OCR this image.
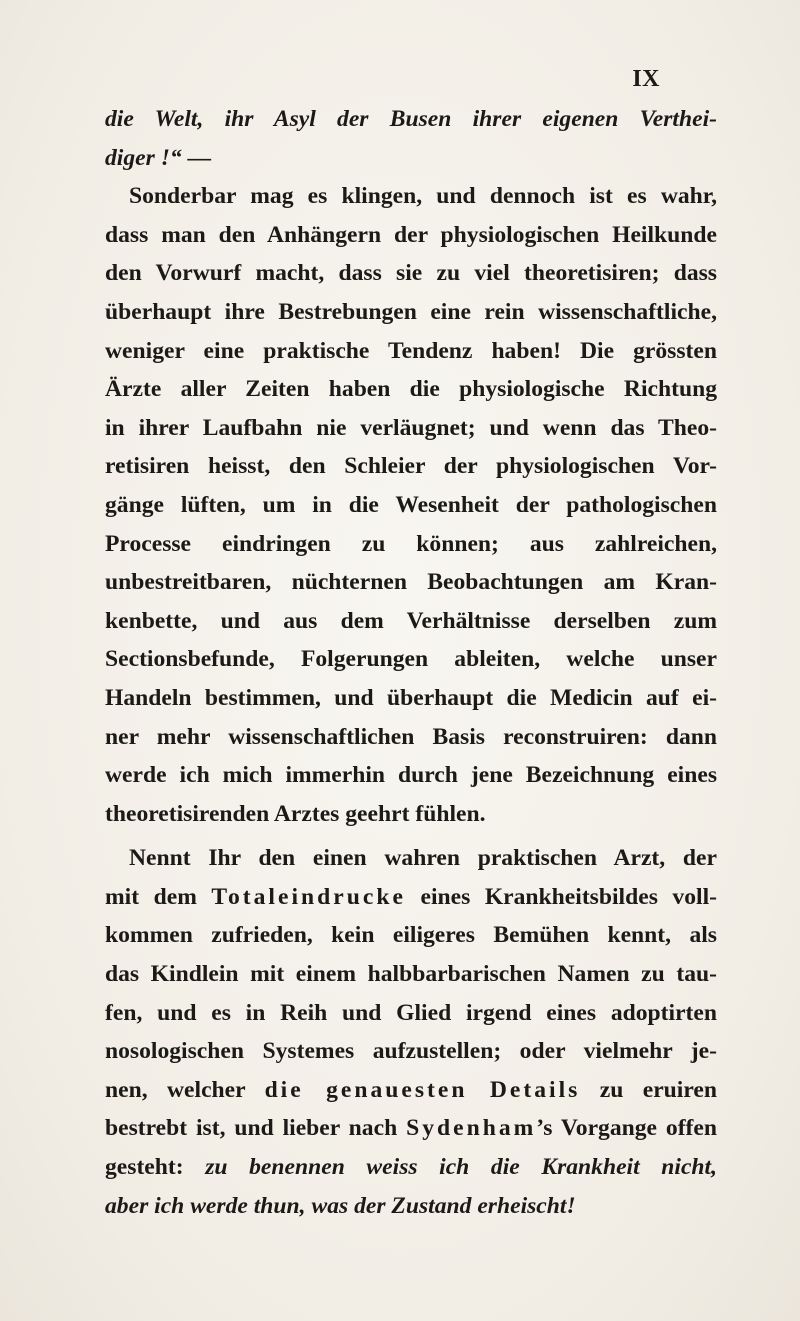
IX
die Welt, ihr Asyl der Busen ihrer eigenen Verthei-
diger !“ —
Sonderbar mag es klingen, und dennoch ist es wahr,
dass man den Anhängern der physiologischen Heilkunde
den Vorwurf macht, dass sie zu viel theoretisiren; dass
überhaupt ihre Bestrebungen eine rein wissenschaftliche,
weniger eine praktische Tendenz haben! Die grössten
Ärzte aller Zeiten haben die physiologische Richtung
in ihrer Laufbahn nie verläugnet; und wenn das Theo-
retisiren heisst, den Schleier der physiologischen Vor-
gänge lüften, um in die Wesenheit der pathologischen
Processe eindringen zu können; aus zahlreichen,
unbestreitbaren, nüchternen Beobachtungen am Kran-
kenbette, und aus dem Verhältnisse derselben zum
Sectionsbefunde, Folgerungen ableiten, welche unser
Handeln bestimmen, und überhaupt die Medicin auf ei-
ner mehr wissenschaftlichen Basis reconstruiren: dann
werde ich mich immerhin durch jene Bezeichnung eines
theoretisirenden Arztes geehrt fühlen.
Nennt Ihr den einen wahren praktischen Arzt, der
mit dem Totaleindrucke eines Krankheitsbildes voll-
kommen zufrieden, kein eiligeres Bemühen kennt, als
das Kindlein mit einem halbbarbarischen Namen zu tau-
fen, und es in Reih und Glied irgend eines adoptirten
nosologischen Systemes aufzustellen; oder vielmehr je-
nen, welcher die genauesten Details zu eruiren
bestrebt ist, und lieber nach Sydenham’s Vorgange offen
gesteht: zu benennen weiss ich die Krankheit nicht,
aber ich werde thun, was der Zustand erheischt!
